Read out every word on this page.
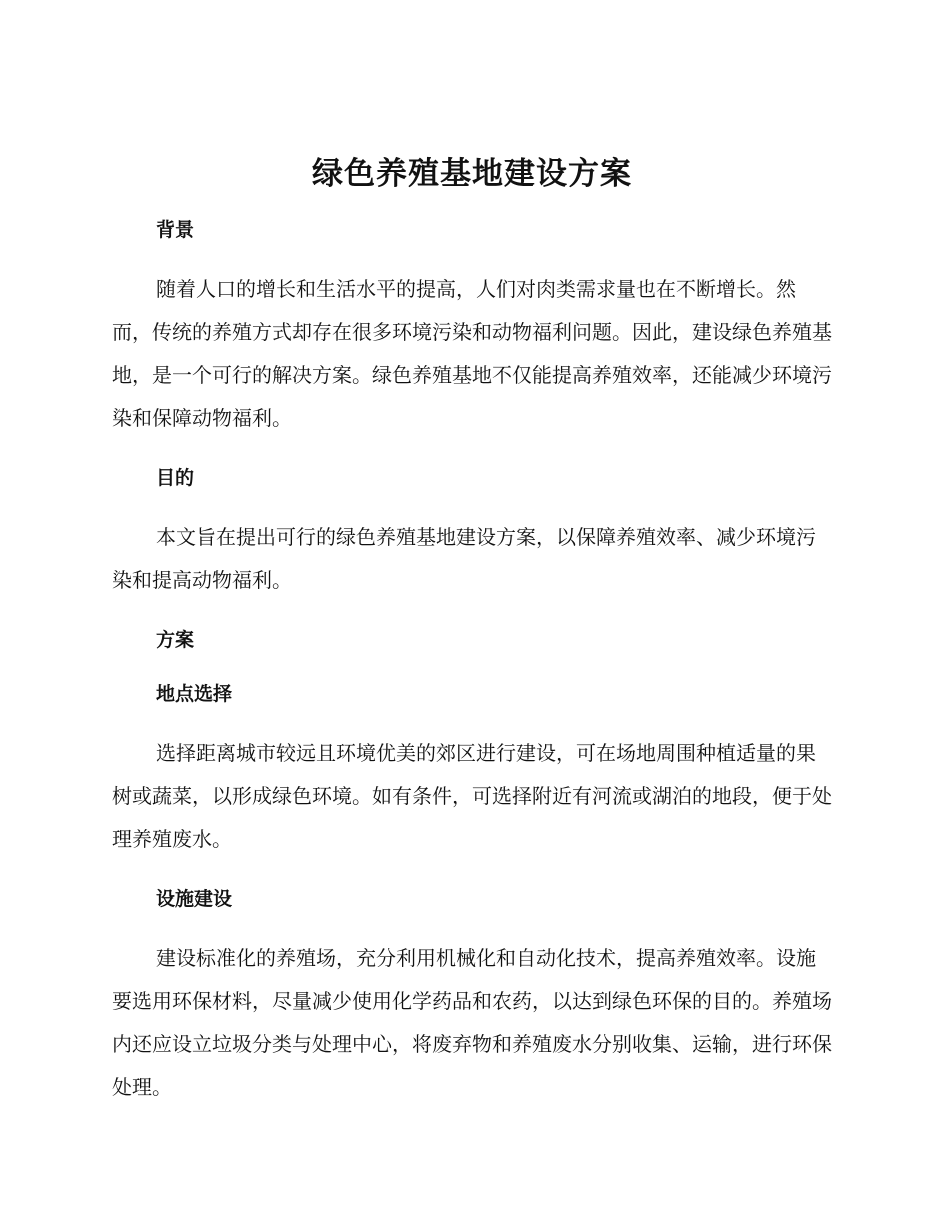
绿色养殖基地建设方案
背景

随着人口的增长和生活水平的提高，人们对肉类需求量也在不断增长。然而，传统的养殖方式却存在很多环境污染和动物福利问题。因此，建设绿色养殖基地，是一个可行的解决方案。绿色养殖基地不仅能提高养殖效率，还能减少环境污染和保障动物福利。

目的

本文旨在提出可行的绿色养殖基地建设方案，以保障养殖效率、减少环境污染和提高动物福利。

方案
地点选择

选择距离城市较远且环境优美的郊区进行建设，可在场地周围种植适量的果树或蔬菜，以形成绿色环境。如有条件，可选择附近有河流或湖泊的地段，便于处理养殖废水。

设施建设

建设标准化的养殖场，充分利用机械化和自动化技术，提高养殖效率。设施要选用环保材料，尽量减少使用化学药品和农药，以达到绿色环保的目的。养殖场内还应设立垃圾分类与处理中心，将废弃物和养殖废水分别收集、运输，进行环保处理。
